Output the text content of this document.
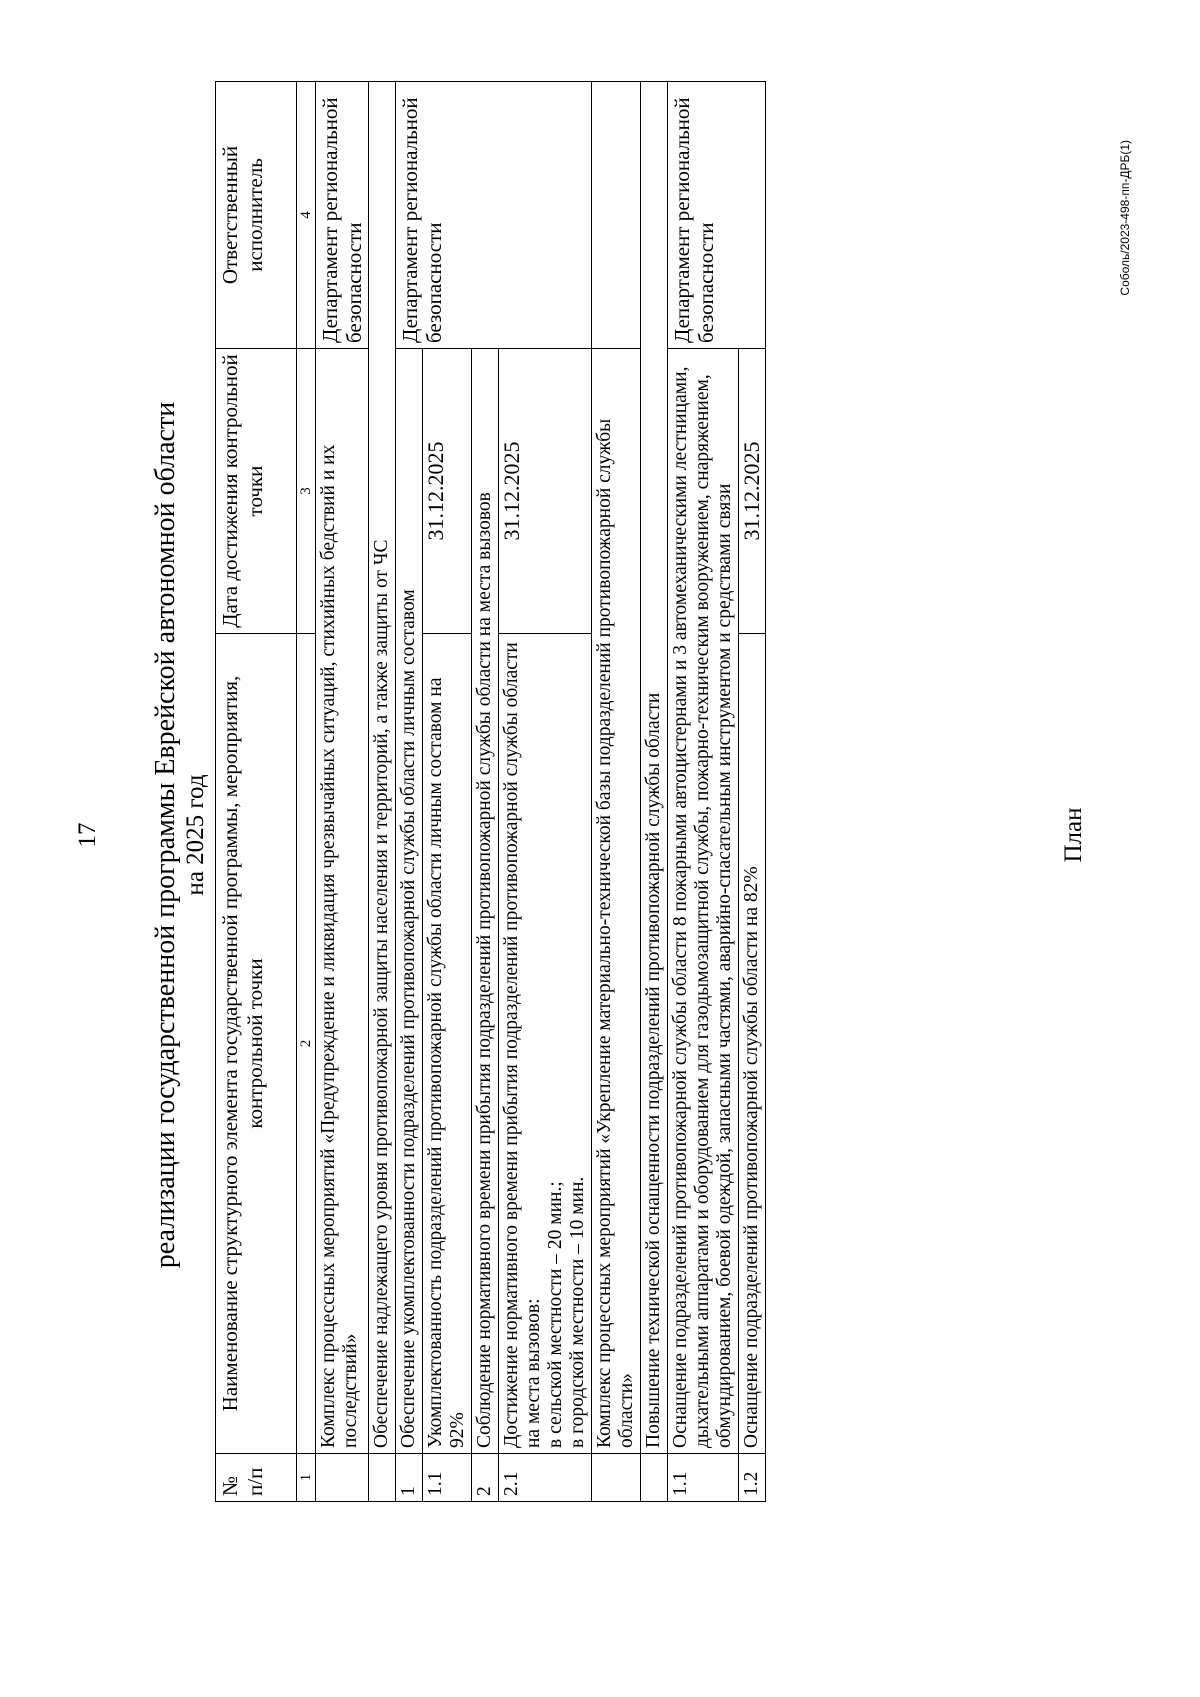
17 реализации государственной программы Еврейской автономной области на 2025 год
№ п/п	Наименование структурного элемента государственной программы, мероприятия, контрольной точки	Дата достижения контрольной точки	Ответственный исполнитель
1	2	3	4
	Комплекс процессных мероприятий «Предупреждение и ликвидация чрезвычайных ситуаций, стихийных бедствий и их последствий»		Департамент региональной безопасности
	Обеспечение надлежащего уровня противопожарной защиты населения и территорий, а также защиты от ЧС		
1	Обеспечение укомплектованности подразделений противопожарной службы области личным составом		Департамент региональной безопасности
1.1	Укомплектованность подразделений противопожарной службы области личным составом на 92%	31.12.2025	
2	Соблюдение нормативного времени прибытия подразделений противопожарной службы области на места вызовов		
2.1	Достижение нормативного времени прибытия подразделений противопожарной службы области на места вызовов: в сельской местности – 20 мин.; в городской местности – 10 мин.	31.12.2025	
	Комплекс процессных мероприятий «Укрепление материально-технической базы подразделений противопожарной службы области»		
	Повышение технической оснащенности подразделений противопожарной службы области		
1.1	Оснащение подразделений противопожарной службы области 8 пожарными автоцистернами и 3 автомеханическими лестницами, дыхательными аппаратами и оборудованием для газодымозащитной службы, пожарно-техническим вооружением, снаряжением, обмундированием, боевой одеждой, запасными частями, аварийно-спасательным инструментом и средствами связи		Департамент региональной безопасности
1.2	Оснащение подразделений противопожарной службы области на 82%	31.12.2025	
План
Соболь/2023-498-пп-ДРБ(1)
